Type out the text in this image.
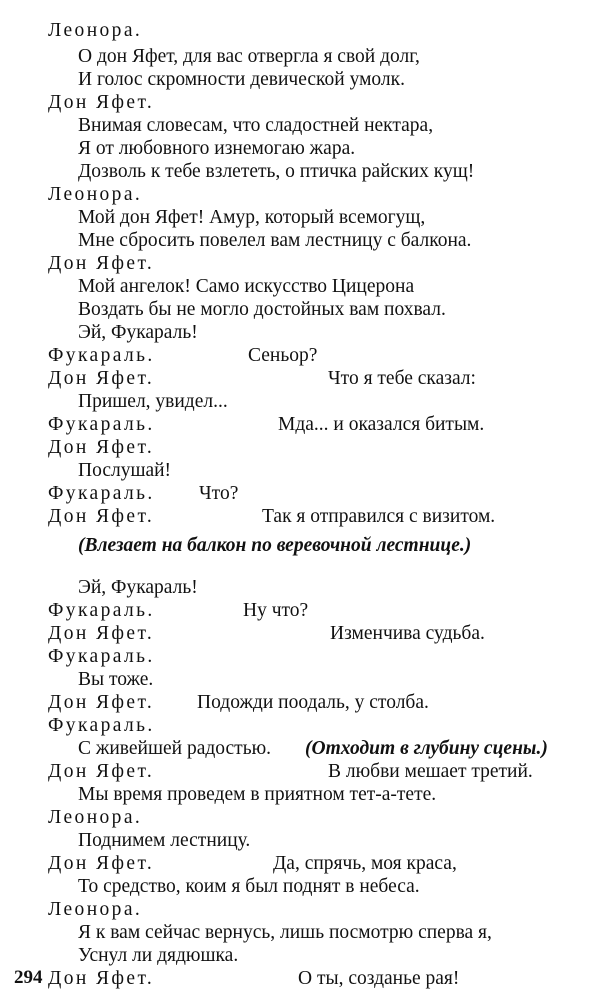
Леонора.
О дон Яфет, для вас отвергла я свой долг,
И голос скромности девической умолк.
Дон Яфет.
Внимая словесам, что сладостней нектара,
Я от любовного изнемогаю жара.
Дозволь к тебе взлететь, о птичка райских кущ!
Леонора.
Мой дон Яфет! Амур, который всемогущ,
Мне сбросить повелел вам лестницу с балкона.
Дон Яфет.
Мой ангелок! Само искусство Цицерона
Воздать бы не могло достойных вам похвал.
Эй, Фукараль!
Фукараль.	Сеньор?
Дон Яфет.	Что я тебе сказал:
Пришел, увидел...
Фукараль.	Мда... и оказался битым.
Дон Яфет.
Послушай!
Фукараль. Что?
Дон Яфет.	Так я отправился с визитом.
(Влезает на балкон по веревочной лестнице.)
Эй, Фукараль!
Фукараль.	Ну что?
Дон Яфет.	Изменчива судьба.
Фукараль.
Вы тоже.
Дон Яфет. Подожди поодаль, у столба.
Фукараль.
С живейшей радостью. (Отходит в глубину сцены.)
Дон Яфет.	В любви мешает третий.
Мы время проведем в приятном тет-а-тете.
Леонора.
Поднимем лестницу.
Дон Яфет.	Да, спрячь, моя краса,
То средство, коим я был поднят в небеса.
Леонора.
Я к вам сейчас вернусь, лишь посмотрю сперва я,
Уснул ли дядюшка.
Дон Яфет.	О ты, созданье рая!
294
